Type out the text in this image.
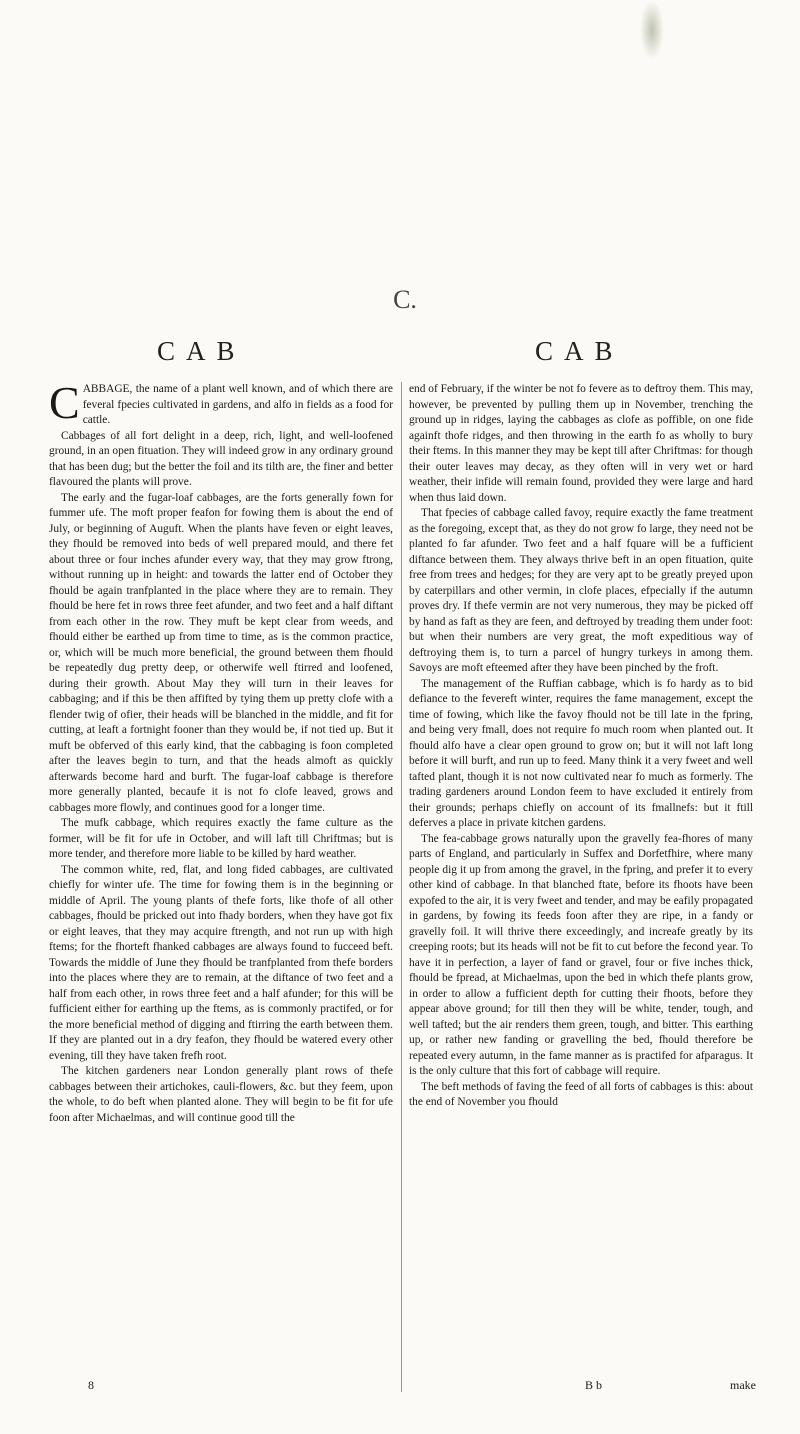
C.
CAB	CAB

CABBAGE, the name of a plant well known, and of which there are feveral fpecies cultivated in gardens, and alfo in fields as a food for cattle.

Cabbages of all fort delight in a deep, rich, light, and well-loofened ground, in an open fituation. They will indeed grow in any ordinary ground that has been dug; but the better the foil and its tilth are, the finer and better flavoured the plants will prove.

The early and the fugar-loaf cabbages, are the forts generally fown for fummer ufe. The moft proper feafon for fowing them is about the end of July, or beginning of Auguft. When the plants have feven or eight leaves, they fhould be removed into beds of well prepared mould, and there fet about three or four inches afunder every way, that they may grow ftrong, without running up in height: and towards the latter end of October they fhould be again tranfplanted in the place where they are to remain. They fhould be here fet in rows three feet afunder, and two feet and a half diftant from each other in the row. They muft be kept clear from weeds, and fhould either be earthed up from time to time, as is the common practice, or, which will be much more beneficial, the ground between them fhould be repeatedly dug pretty deep, or otherwife well ftirred and loofened, during their growth. About May they will turn in their leaves for cabbaging; and if this be then affifted by tying them up pretty clofe with a flender twig of ofier, their heads will be blanched in the middle, and fit for cutting, at leaft a fortnight fooner than they would be, if not tied up. But it muft be obferved of this early kind, that the cabbaging is foon completed after the leaves begin to turn, and that the heads almoft as quickly afterwards become hard and burft. The fugar-loaf cabbage is therefore more generally planted, becaufe it is not fo clofe leaved, grows and cabbages more flowly, and continues good for a longer time.

The mufk cabbage, which requires exactly the fame culture as the former, will be fit for ufe in October, and will laft till Chriftmas; but is more tender, and therefore more liable to be killed by hard weather.

The common white, red, flat, and long fided cabbages, are cultivated chiefly for winter ufe. The time for fowing them is in the beginning or middle of April. The young plants of thefe forts, like thofe of all other cabbages, fhould be pricked out into fhady borders, when they have got fix or eight leaves, that they may acquire ftrength, and not run up with high ftems; for the fhorteft fhanked cabbages are always found to fucceed beft. Towards the middle of June they fhould be tranfplanted from thefe borders into the places where they are to remain, at the diftance of two feet and a half from each other, in rows three feet and a half afunder; for this will be fufficient either for earthing up the ftems, as is commonly practifed, or for the more beneficial method of digging and ftirring the earth between them. If they are planted out in a dry feafon, they fhould be watered every other evening, till they have taken frefh root.

The kitchen gardeners near London generally plant rows of thefe cabbages between their artichokes, cauli-flowers, &c. but they feem, upon the whole, to do beft when planted alone. They will begin to be fit for ufe foon after Michaelmas, and will continue good till the

end of February, if the winter be not fo fevere as to deftroy them. This may, however, be prevented by pulling them up in November, trenching the ground up in ridges, laying the cabbages as clofe as poffible, on one fide againft thofe ridges, and then throwing in the earth fo as wholly to bury their ftems. In this manner they may be kept till after Chriftmas: for though their outer leaves may decay, as they often will in very wet or hard weather, their infide will remain found, provided they were large and hard when thus laid down.

That fpecies of cabbage called favoy, require exactly the fame treatment as the foregoing, except that, as they do not grow fo large, they need not be planted fo far afunder. Two feet and a half fquare will be a fufficient diftance between them. They always thrive beft in an open fituation, quite free from trees and hedges; for they are very apt to be greatly preyed upon by caterpillars and other vermin, in clofe places, efpecially if the autumn proves dry. If thefe vermin are not very numerous, they may be picked off by hand as faft as they are feen, and deftroyed by treading them under foot: but when their numbers are very great, the moft expeditious way of deftroying them is, to turn a parcel of hungry turkeys in among them. Savoys are moft efteemed after they have been pinched by the froft.

The management of the Ruffian cabbage, which is fo hardy as to bid defiance to the fevereft winter, requires the fame management, except the time of fowing, which like the favoy fhould not be till late in the fpring, and being very fmall, does not require fo much room when planted out. It fhould alfo have a clear open ground to grow on; but it will not laft long before it will burft, and run up to feed. Many think it a very fweet and well tafted plant, though it is not now cultivated near fo much as formerly. The trading gardeners around London feem to have excluded it entirely from their grounds; perhaps chiefly on account of its fmallnefs: but it ftill deferves a place in private kitchen gardens.

The fea-cabbage grows naturally upon the gravelly fea-fhores of many parts of England, and particularly in Suffex and Dorfetfhire, where many people dig it up from among the gravel, in the fpring, and prefer it to every other kind of cabbage. In that blanched ftate, before its fhoots have been expofed to the air, it is very fweet and tender, and may be eafily propagated in gardens, by fowing its feeds foon after they are ripe, in a fandy or gravelly foil. It will thrive there exceedingly, and increafe greatly by its creeping roots; but its heads will not be fit to cut before the fecond year. To have it in perfection, a layer of fand or gravel, four or five inches thick, fhould be fpread, at Michaelmas, upon the bed in which thefe plants grow, in order to allow a fufficient depth for cutting their fhoots, before they appear above ground; for till then they will be white, tender, tough, and well tafted; but the air renders them green, tough, and bitter. This earthing up, or rather new fanding or gravelling the bed, fhould therefore be repeated every autumn, in the fame manner as is practifed for afparagus. It is the only culture that this fort of cabbage will require.

The beft methods of faving the feed of all forts of cabbages is this: about the end of November you fhould

8	B b	make
